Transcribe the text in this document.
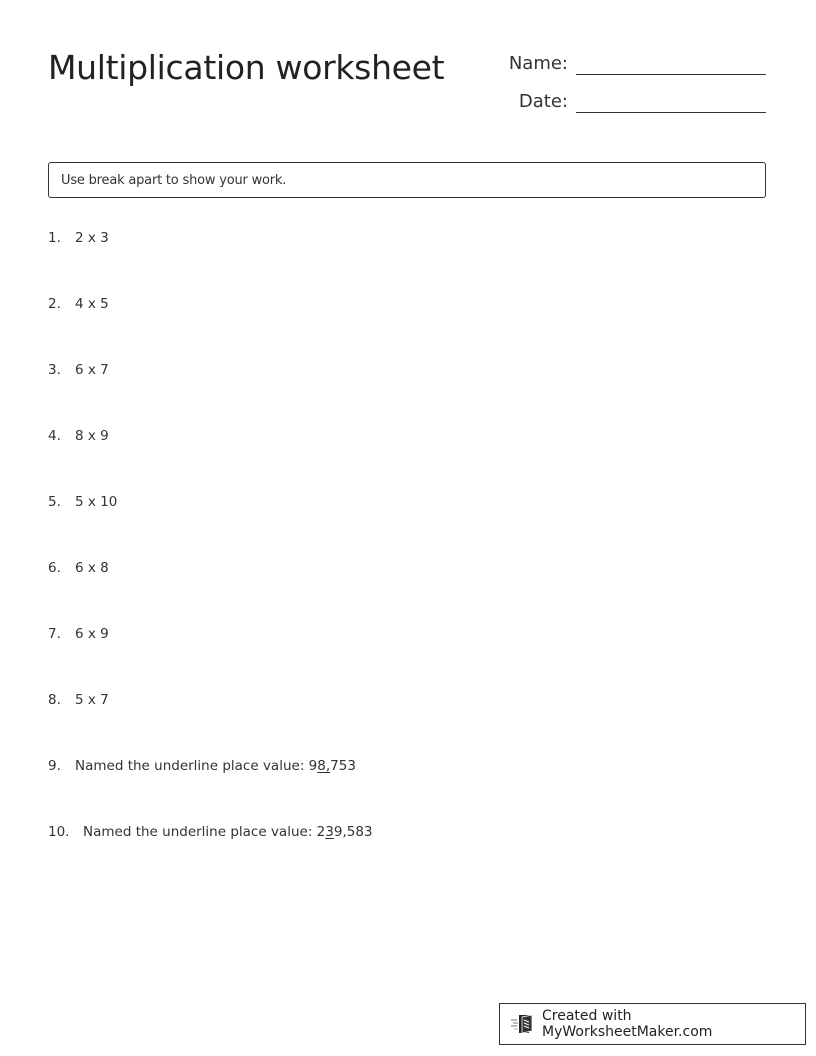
Multiplication worksheet	Name:
Date:
Use break apart to show your work.
1.	2 x 3
2.	4 x 5
3.	6 x 7
4.	8 x 9
5.	5 x 10
6.	6 x 8
7.	6 x 9
8.	5 x 7
9.	Named the underline place value: 98,753
10.	Named the underline place value: 239,583
Created with MyWorksheetMaker.com
